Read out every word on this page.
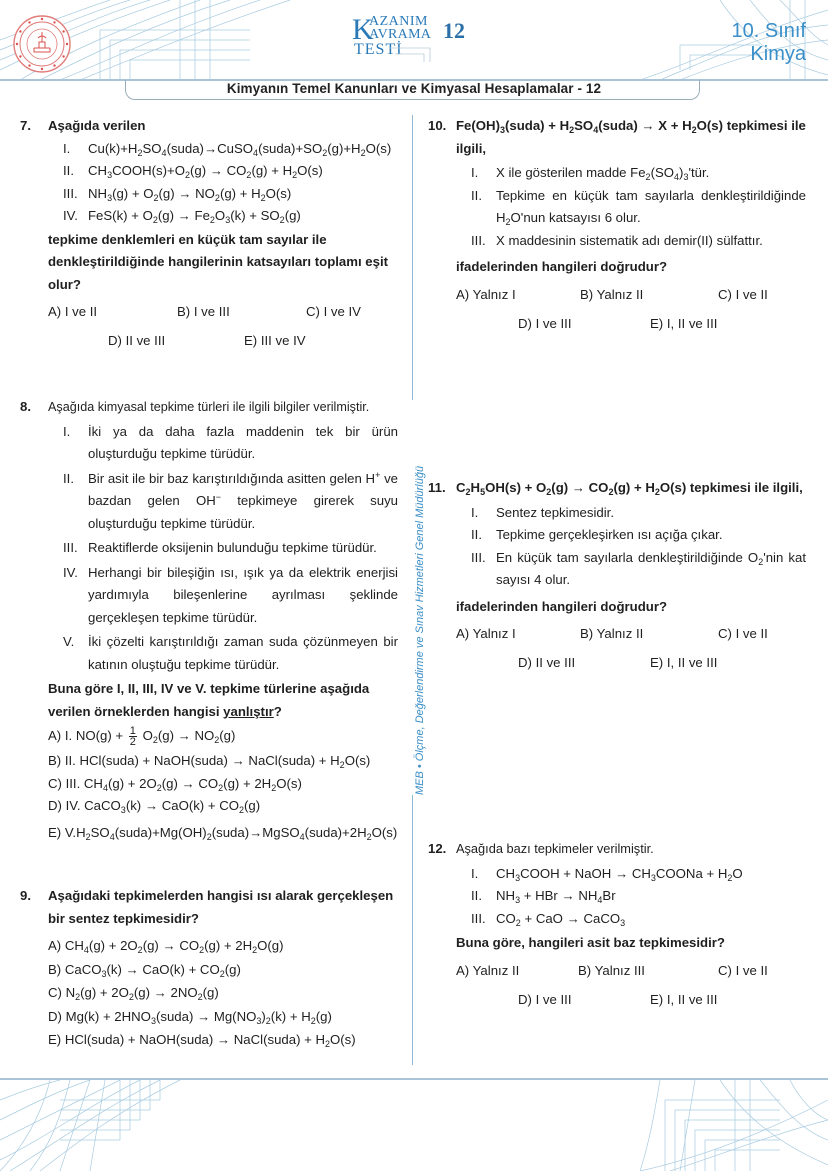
K
AZANIM
AVRAMA
TESTİ
12	10. Sınıf
Kimya
Kimyanın Temel Kanunları ve Kimyasal Hesaplamalar - 12
MEB • Ölçme, Değerlendirme ve Sınav Hizmetleri Genel Müdürlüğü
7. Aşağıda verilen
I. $Cu(k)+H_2SO_4(suda)\to CuSO_4(suda)+SO_2(g)+H_2O(s)$
II. $CH_3COOH(s)+O_2(g) \to CO_2(g) + H_2O(s)$
III. $NH_3(g) + O_2(g) \to NO_2(g) + H_2O(s)$
IV. $FeS(k) + O_2(g) \to Fe_2O_3(k) + SO_2(g)$
tepkime denklemleri en küçük tam sayılar ile denkleştirildiğinde hangilerinin katsayıları toplamı eşit olur?
A) I ve II	B) I ve III	C) I ve IV
D) II ve III	E) III ve IV
8. Aşağıda kimyasal tepkime türleri ile ilgili bilgiler verilmiştir.
I. İki ya da daha fazla maddenin tek bir ürün oluşturduğu tepkime türüdür.
II. Bir asit ile bir baz karıştırıldığında asitten gelen H+ ve bazdan gelen OH− tepkimeye girerek suyu oluşturduğu tepkime türüdür.
III. Reaktiflerde oksijenin bulunduğu tepkime türüdür.
IV. Herhangi bir bileşiğin ısı, ışık ya da elektrik enerjisi yardımıyla bileşenlerine ayrılması şeklinde gerçekleşen tepkime türüdür.
V. İki çözelti karıştırıldığı zaman suda çözünmeyen bir katının oluştuğu tepkime türüdür.
Buna göre I, II, III, IV ve V. tepkime türlerine aşağıda verilen örneklerden hangisi yanlıştır?
A) I. $NO(g) + \frac{1}{2} O_2(g) \to NO_2(g)$
B) II. HCl(suda) + NaOH(suda) → NaCl(suda) + $H_2O(s)$
C) III. $CH_4(g) + 2O_2(g) \to CO_2(g) + 2H_2O(s)$
D) IV. CaCO$_3$(k) → $CaO(k) + CO_2(g)$
E) $V.H_2SO_4(suda)+Mg(OH)_2(suda)\to MgSO_4(suda)+2H_2O(s)$
9. Aşağıdaki tepkimelerden hangisi ısı alarak gerçekleşen bir sentez tepkimesidir?
A) $CH_4(g) + 2O_2(g) \to CO_2(g) + 2H_2O(g)$
B) CaCO$_3$(k) → $CaO(k) + CO_2(g)$
C) $N_2(g) + 2O_2(g) \to 2NO_2(g)$
D) $Mg(k) + 2HNO_3(suda) \to Mg(NO_3)_2(k) + H_2(g)$
E) HCl(suda) + NaOH(suda) → NaCl(suda) + $H_2O(s)$
10. $Fe(OH)_3(suda)$ + $H_2SO_4(suda) \to X + H_2O(s)$ tepkimesi ile ilgili,
I. X ile gösterilen madde $Fe_2(SO_4)_3'tür$.
II. Tepkime en küçük tam sayılarla denkleştirildiğinde $H_2O'nun$ katsayısı 6 olur.
III. X maddesinin sistematik adı demir(II) sülfattır.
ifadelerinden hangileri doğrudur?
A) Yalnız I	B) Yalnız II	C) I ve II
D) I ve III	E) I, II ve III
11. $C_2H_5OH(s) + O_2(g) \to CO_2(g) + H_2O(s)$ tepkimesi ile ilgili,
I. Sentez tepkimesidir.
II. Tepkime gerçekleşirken ısı açığa çıkar.
III. En küçük tam sayılarla denkleştirildiğinde $O_2'nin$ kat sayısı 4 olur.
ifadelerinden hangileri doğrudur?
A) Yalnız I	B) Yalnız II	C) I ve II
D) II ve III	E) I, II ve III
12. Aşağıda bazı tepkimeler verilmiştir.
I. $CH_3COOH$ + NaOH → $CH_3COONa + H_2O$
II. $NH_3$ + HBr → $NH_4Br$
III. $CO_2$ + CaO → CaCO$_3$
Buna göre, hangileri asit baz tepkimesidir?
A) Yalnız II	B) Yalnız III	C) I ve II
D) I ve III	E) I, II ve III
